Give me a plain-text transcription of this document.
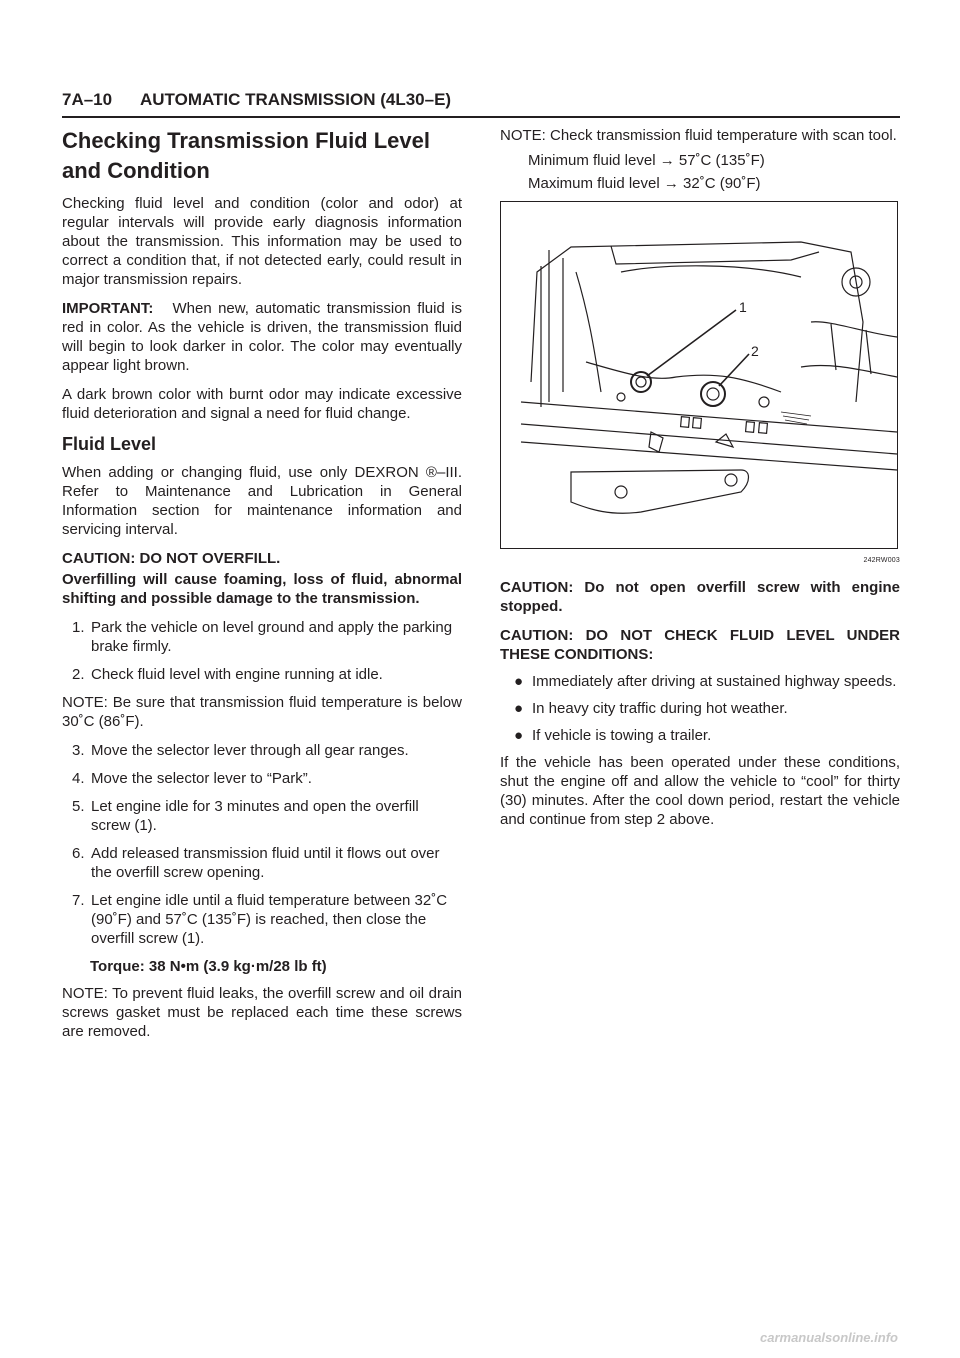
7A–10 AUTOMATIC TRANSMISSION (4L30–E)
Checking Transmission Fluid Level and Condition

Checking fluid level and condition (color and odor) at regular intervals will provide early diagnosis information about the transmission. This information may be used to correct a condition that, if not detected early, could result in major transmission repairs.

IMPORTANT: When new, automatic transmission fluid is red in color. As the vehicle is driven, the transmission fluid will begin to look darker in color. The color may eventually appear light brown.

A dark brown color with burnt odor may indicate excessive fluid deterioration and signal a need for fluid change.

Fluid Level

When adding or changing fluid, use only DEXRON ®–III. Refer to Maintenance and Lubrication in General Information section for maintenance information and servicing interval.

CAUTION: DO NOT OVERFILL.

Overfilling will cause foaming, loss of fluid, abnormal shifting and possible damage to the transmission.

1. Park the vehicle on level ground and apply the parking brake firmly.
2. Check fluid level with engine running at idle.

NOTE: Be sure that transmission fluid temperature is below 30˚C (86˚F).

3. Move the selector lever through all gear ranges.
4. Move the selector lever to “Park”.
5. Let engine idle for 3 minutes and open the overfill screw (1).
6. Add released transmission fluid until it flows out over the overfill screw opening.
7. Let engine idle until a fluid temperature between 32˚C (90˚F) and 57˚C (135˚F) is reached, then close the overfill screw (1).

Torque: 38 N•m (3.9 kg·m/28 lb ft)

NOTE: To prevent fluid leaks, the overfill screw and oil drain screws gasket must be replaced each time these screws are removed.

NOTE: Check transmission fluid temperature with scan tool.

Minimum fluid level → 57˚C (135˚F)

Maximum fluid level → 32˚C (90˚F)

1
2
242RW003

CAUTION: Do not open overfill screw with engine stopped.

CAUTION: DO NOT CHECK FLUID LEVEL UNDER THESE CONDITIONS:

● Immediately after driving at sustained highway speeds.
● In heavy city traffic during hot weather.
● If vehicle is towing a trailer.

If the vehicle has been operated under these conditions, shut the engine off and allow the vehicle to “cool” for thirty (30) minutes. After the cool down period, restart the vehicle and continue from step 2 above.

carmanualsonline.info
